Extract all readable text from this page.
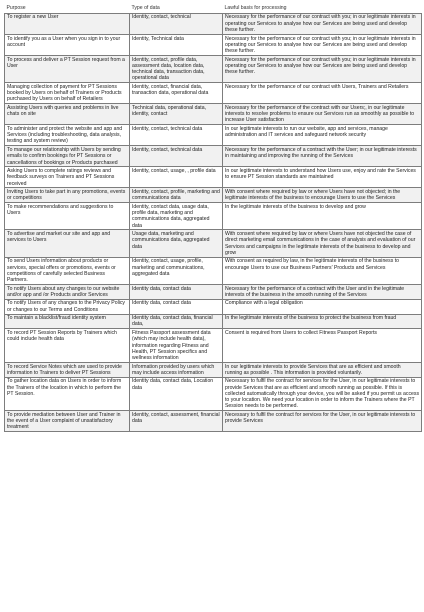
Purpose	Type of data	Lawful basis for processing
To register a new User	Identity, contact, technical	Necessary for the performance of our contract with you; in our legitimate interests in operating our Services to analyse how our Services are being used and develop these further.
To identify you as a User when you sign in to your account	Identity, Technical data	Necessary for the performance of our contract with you; in our legitimate interests in operating our Services to analyse how our Services are being used and develop these further.
To process and deliver a PT Session request from a User	Identity, contact, profile data, assessment data, location data, technical data, transaction data, operational data	Necessary for the performance of our contract with you; in our legitimate interests in operating our Services to analyse how our Services are being used and develop these further.
Managing collection of payment for PT Sessions booked by Users on behalf of Trainers or Products purchased by Users on behalf of Retailers	Identity, contact, financial data, transaction data, operational data	Necessary for the performance of our contract with Users, Trainers and Retailers
Assisting Users with queries and problems in live chats on site	Technical data, operational data, identity, contact	Necessary for the performance of the contract with our Users;, in our legitimate interests to resolve problems to ensure our Services run as smoothly as possible to increase User satisfaction
To administer and protect the website and app and Services (including troubleshooting, data analysis, testing and system review)	Identity, contact, technical data	In our legitimate interests to run our website, app and services, manage administration and IT services and safeguard network security
To manage our relationship with Users by sending emails to confirm bookings for PT Sessions or cancellations of bookings or Products purchased	Identity, contact, technical data	Necessary for the performance of a contract with the User; in our legitimate interests in maintaining and improving the running of the Services
Asking Users to complete ratings reviews and feedback surveys on Trainers and PT Sessions received	Identity, contact, usage, , profile data	In our legitimate interests to understand how Users use, enjoy and rate the Services to ensure PT Session standards are maintained
Inviting Users to take part in any promotions, events or competitions	Identity, contact, profile, marketing and communications data	With consent where required by law or where Users have not objected; in the legitimate interests of the business to encourage Users to use the Services
To make recommendations and suggestions to Users	Identity, contact data, usage data, profile data, marketing and communications data, aggregated data	In the legitimate interests of the business to develop and grow
To advertise and market our site and app and services to Users	Usage data, marketing and communications data, aggregated data	With consent where required by law or where Users have not objected the case of direct marketing email communications in the case of analysis and evaluation of our Services and campaigns in the legitimate interests of the business to develop and grow
To send Users information about products or services, special offers or promotions, events or competitions of carefully selected Business Partners.	Identity, contact, usage, profile, marketing and communications, aggregated data	With consent as required by law, in the legitimate interests of the business to encourage Users to use our Business Partners' Products and Services
To notify Users about any changes to our website and/or app and /or Products and/or Services	Identity data, contact data	Necessary for the performance of a contract with the User and in the legitimate interests of the business in the smooth running of the Services
To notify Users of any changes to the Privacy Policy or changes to our Terms and Conditions	Identity data, contact data	Compliance with a legal obligation
To maintain a blacklist/fraud identity system	Identity data, contact data, financial data,	In the legitimate interests of the business to protect the business from fraud
To record PT Session Reports by Trainers which could include health data	Fitness Passport assessment data (which may include health data), information regarding Fitness and Health, PT Session specifics and wellness information	Consent is required from Users to collect Fitness Passport Reports
To record Service Notes which are used to provide information to Trainers to deliver PT Sessions	Information provided by users which may include access information	In our legitimate interests to provide Services that are as efficient and smooth running as possible . This information is provided voluntarily.
To gather location data on Users in order to inform the Trainers of the location in which to perform the PT Session.	Identity data, contact data, Location data	Necessary to fulfil the contract for services for the User, in our legitimate interests to provide Services that are as efficient and smooth running as possible. If this is collected automatically through your device, you will be asked if you permit us access to your location. We need your location in order to inform the Trainers where the PT Session needs to be performed.
To provide mediation between User and Trainer in the event of a User complaint of unsatisfactory treatment	Identity, contact, assessment, financial data	Necessary to fulfil the contract for services for the User, in our legitimate interests to provide Services
